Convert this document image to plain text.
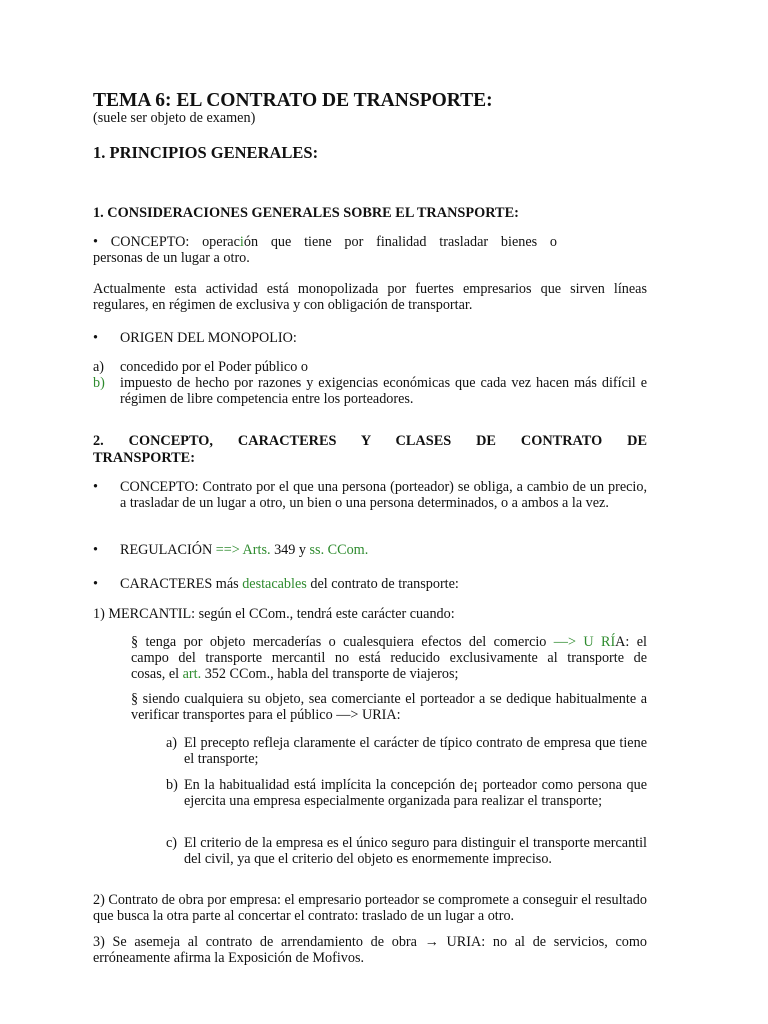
TEMA 6: EL CONTRATO DE TRANSPORTE:
(suele ser objeto de examen)
1. PRINCIPIOS GENERALES:
1. CONSIDERACIONES GENERALES SOBRE EL TRANSPORTE:
• CONCEPTO: operación que tiene por finalidad trasladar bienes o
personas de un lugar a otro.
Actualmente esta actividad está monopolizada por fuertes empresarios que sirven líneas regulares, en régimen de exclusiva y con obligación de transportar.
• ORIGEN DEL MONOPOLIO:
a) concedido por el Poder público o
b) impuesto de hecho por razones y exigencias económicas que cada vez hacen más difícil e régimen de libre competencia entre los porteadores.
2. CONCEPTO, CARACTERES Y CLASES DE CONTRATO DE
TRANSPORTE:
• CONCEPTO: Contrato por el que una persona (porteador) se obliga, a cambio de un precio, a trasladar de un lugar a otro, un bien o una persona determinados, o a ambos a la vez.
• REGULACIÓN ==> Arts. 349 y ss. CCom.
• CARACTERES más destacables del contrato de transporte:
1) MERCANTIL: según el CCom., tendrá este carácter cuando:
§ tenga por objeto mercaderías o cualesquiera efectos del comercio —> U RÍA: el
campo del transporte mercantil no está reducido exclusivamente al transporte de
cosas, el art. 352 CCom., habla del transporte de viajeros;
§ siendo cualquiera su objeto, sea comerciante el porteador a se dedique habitualmente a verificar transportes para el público —> URIA:
a) El precepto refleja claramente el carácter de típico contrato de empresa que tiene el transporte;
b) En la habitualidad está implícita la concepción de¡ porteador como persona que ejercita una empresa especialmente organizada para realizar el transporte;
c) El criterio de la empresa es el único seguro para distinguir el transporte mercantil del civil, ya que el criterio del objeto es enormemente impreciso.
2) Contrato de obra por empresa: el empresario porteador se compromete a conseguir el resultado que busca la otra parte al concertar el contrato: traslado de un lugar a otro.
3) Se asemeja al contrato de arrendamiento de obra → URIA: no al de servicios, como erróneamente afirma la Exposición de Mofivos.
